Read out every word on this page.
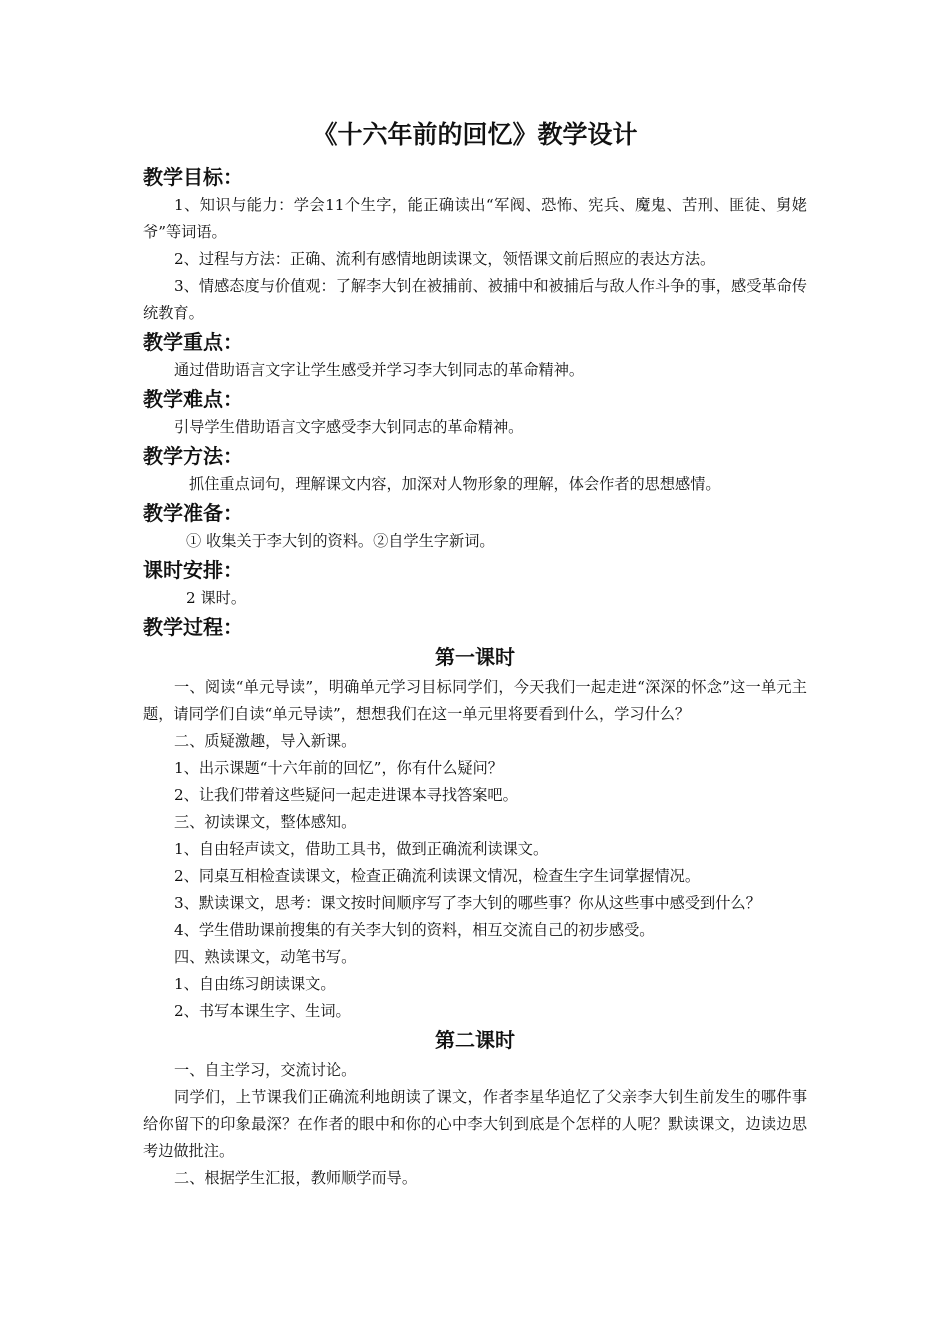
《十六年前的回忆》教学设计
教学目标：

1、知识与能力：学会11个生字，能正确读出“军阀、恐怖、宪兵、魔鬼、苦刑、匪徒、舅姥爷”等词语。

2、过程与方法：正确、流利有感情地朗读课文，领悟课文前后照应的表达方法。

3、情感态度与价值观：了解李大钊在被捕前、被捕中和被捕后与敌人作斗争的事，感受革命传统教育。

教学重点：

通过借助语言文字让学生感受并学习李大钊同志的革命精神。

教学难点：

引导学生借助语言文字感受李大钊同志的革命精神。

教学方法：

抓住重点词句，理解课文内容，加深对人物形象的理解，体会作者的思想感情。

教学准备：

① 收集关于李大钊的资料。②自学生字新词。

课时安排：

2 课时。

教学过程：
第一课时

一、阅读“单元导读”，明确单元学习目标同学们，今天我们一起走进“深深的怀念”这一单元主题，请同学们自读“单元导读”，想想我们在这一单元里将要看到什么，学习什么？

二、质疑激趣，导入新课。

1、出示课题“十六年前的回忆”，你有什么疑问？

2、让我们带着这些疑问一起走进课本寻找答案吧。

三、初读课文，整体感知。

1、自由轻声读文，借助工具书，做到正确流利读课文。

2、同桌互相检查读课文，检查正确流利读课文情况，检查生字生词掌握情况。

3、默读课文，思考：课文按时间顺序写了李大钊的哪些事？你从这些事中感受到什么？

4、学生借助课前搜集的有关李大钊的资料，相互交流自己的初步感受。

四、熟读课文，动笔书写。

1、自由练习朗读课文。

2、书写本课生字、生词。

第二课时

一、自主学习，交流讨论。

同学们，上节课我们正确流利地朗读了课文，作者李星华追忆了父亲李大钊生前发生的哪件事给你留下的印象最深？在作者的眼中和你的心中李大钊到底是个怎样的人呢？默读课文，边读边思考边做批注。

二、根据学生汇报，教师顺学而导。
